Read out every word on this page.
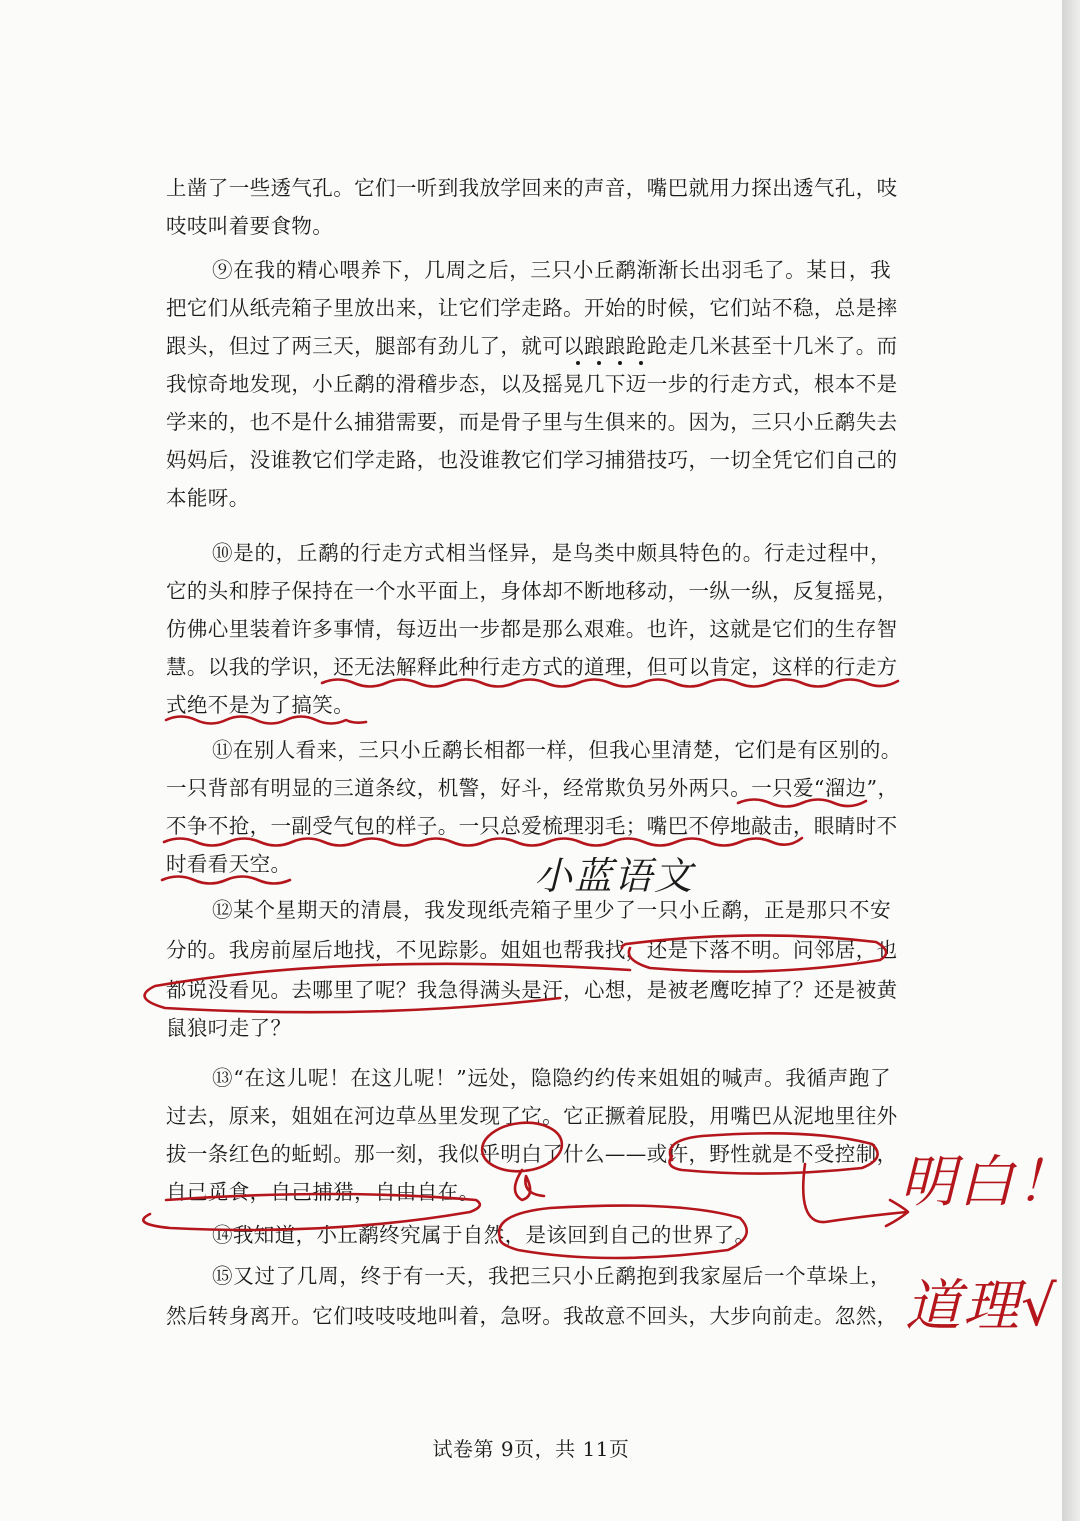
上凿了一些透气孔。它们一听到我放学回来的声音，嘴巴就用力探出透气孔，吱
吱吱叫着要食物。
⑨在我的精心喂养下，几周之后，三只小丘鹬渐渐长出羽毛了。某日，我
把它们从纸壳箱子里放出来，让它们学走路。开始的时候，它们站不稳，总是摔
跟头，但过了两三天，腿部有劲儿了，就可以踉踉跄跄走几米甚至十几米了。而
我惊奇地发现，小丘鹬的滑稽步态，以及摇晃几下迈一步的行走方式，根本不是
学来的，也不是什么捕猎需要，而是骨子里与生俱来的。因为，三只小丘鹬失去
妈妈后，没谁教它们学走路，也没谁教它们学习捕猎技巧，一切全凭它们自己的
本能呀。
⑩是的，丘鹬的行走方式相当怪异，是鸟类中颇具特色的。行走过程中，
它的头和脖子保持在一个水平面上，身体却不断地移动，一纵一纵，反复摇晃，
仿佛心里装着许多事情，每迈出一步都是那么艰难。也许，这就是它们的生存智
慧。以我的学识，还无法解释此种行走方式的道理，但可以肯定，这样的行走方
式绝不是为了搞笑。
⑪在别人看来，三只小丘鹬长相都一样，但我心里清楚，它们是有区别的。
一只背部有明显的三道条纹，机警，好斗，经常欺负另外两只。一只爱“溜边”，
不争不抢，一副受气包的样子。一只总爱梳理羽毛；嘴巴不停地敲击，眼睛时不
时看看天空。
⑫某个星期天的清晨，我发现纸壳箱子里少了一只小丘鹬，正是那只不安
分的。我房前屋后地找，不见踪影。姐姐也帮我找，还是下落不明。问邻居，也
都说没看见。去哪里了呢？我急得满头是汗，心想，是被老鹰吃掉了？还是被黄
鼠狼叼走了？
⑬“在这儿呢！在这儿呢！”远处，隐隐约约传来姐姐的喊声。我循声跑了
过去，原来，姐姐在河边草丛里发现了它。它正撅着屁股，用嘴巴从泥地里往外
拔一条红色的蚯蚓。那一刻，我似乎明白了什么——或许，野性就是不受控制，
自己觅食，自己捕猎，自由自在。
⑭我知道，小丘鹬终究属于自然，是该回到自己的世界了。
⑮又过了几周，终于有一天，我把三只小丘鹬抱到我家屋后一个草垛上，
然后转身离开。它们吱吱吱地叫着，急呀。我故意不回头，大步向前走。忽然，
试卷第 9页，共 11页
小蓝语文
明白！
道理√
